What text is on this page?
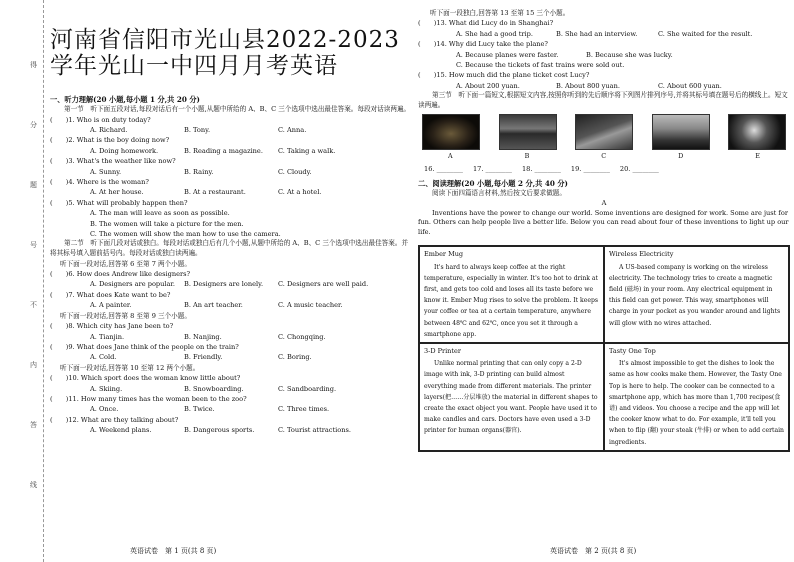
得
分
题
号
不
内
答
线
河南省信阳市光山县2022-2023
学年光山一中四月月考英语
一、听力理解(20 小题,每小题 1 分,共 20 分)
第一节　听下面五段对话,每段对话后有一个小题,从题中所给的 A、B、C 三个选项中选出最佳答案。每段对话读两遍。
(　　)1. Who is on duty today?
A. Richard.	B. Tony.	C. Anna.
(　　)2. What is the boy doing now?
A. Doing homework.	B. Reading a magazine.	C. Taking a walk.
(　　)3. What's the weather like now?
A. Sunny.	B. Rainy.	C. Cloudy.
(　　)4. Where is the woman?
A. At her house.	B. At a restaurant.	C. At a hotel.
(　　)5. What will probably happen then?
A. The man will leave as soon as possible.
B. The women will take a picture for the men.
C. The women will show the man how to use the camera.
第二节　听下面几段对话或独白。每段对话或独白后有几个小题,从题中所给的 A、B、C 三个选项中选出最佳答案。并将其标号填入题前括号内。每段对话或独白读两遍。
听下面一段对话,回答第 6 至第 7 两个小题。
(　　)6. How does Andrew like designers?
A. Designers are popular.	B. Designers are lonely.	C. Designers are well paid.
(　　)7. What does Kate want to be?
A. A painter.	B. An art teacher.	C. A music teacher.
听下面一段对话,回答第 8 至第 9 三个小题。
(　　)8. Which city has Jane been to?
A. Tianjin.	B. Nanjing.	C. Chongqing.
(　　)9. What does Jane think of the people on the train?
A. Cold.	B. Friendly.	C. Boring.
听下面一段对话,回答第 10 至第 12 两个小题。
(　　)10. Which sport does the woman know little about?
A. Skiing.	B. Snowboarding.	C. Sandboarding.
(　　)11. How many times has the woman been to the zoo?
A. Once.	B. Twice.	C. Three times.
(　　)12. What are they talking about?
A. Weekend plans.	B. Dangerous sports.	C. Tourist attractions.
英语试卷　第 1 页(共 8 页)
听下面一段独白,回答第 13 至第 15 三个小题。
(　　)13. What did Lucy do in Shanghai?
A. She had a good trip.	B. She had an interview.	C. She waited for the result.
(　　)14. Why did Lucy take the plane?
A. Because planes were faster.	B. Because she was lucky.
C. Because the tickets of fast trains were sold out.
(　　)15. How much did the plane ticket cost Lucy?
A. About 200 yuan.	B. About 800 yuan.	C. About 600 yuan.
第三节　听下面一篇短文,根据短文内容,按照你听到的先后顺序将下列图片排列序号,并将其标号填在题号后的横线上。短文读两遍。
A	B	C	D	E
16. ________ 17. ________ 18. ________ 19. ________ 20. ________
二、阅读理解(20 小题,每小题 2 分,共 40 分)
阅读下面四篇语言材料,然后按文后要求做题。
A
Inventions have the power to change our world. Some inventions are designed for work. Some are just for fun. Others can help people live a better life. Below you can read about four of these inventions to light up our life.
Ember Mug

It's hard to always keep coffee at the right temperature, especially in winter. It's too hot to drink at first, and gets too cold and loses all its taste before we know it. Ember Mug rises to solve the problem. It keeps your coffee or tea at a certain temperature, anywhere between 48℃ and 62℃, once you set it through a smartphone app.

Wireless Electricity

A US-based company is working on the wireless electricity. The technology tries to create a magnetic field (磁场) in your room. Any electrical equipment in this field can get power. This way, smartphones will charge in your pocket as you wander around and lights will glow with no wires attached.

3-D Printer

Unlike normal printing that can only copy a 2-D image with ink, 3-D printing can build almost everything made from different materials. The printer layers(把……分层堆放) the material in different shapes to create the exact object you want. People have used it to make candles and cars. Doctors have even used a 3-D printer for human organs(器官).

Tasty One Top

It's almost impossible to get the dishes to look the same as how cooks make them. However, the Tasty One Top is here to help. The cooker can be connected to a smartphone app, which has more than 1,700 recipes(食谱) and videos. You choose a recipe and the app will let the cooker know what to do. For example, it'll tell you when to flip (翻) your steak (牛排) or when to add certain ingredients.

英语试卷　第 2 页(共 8 页)
